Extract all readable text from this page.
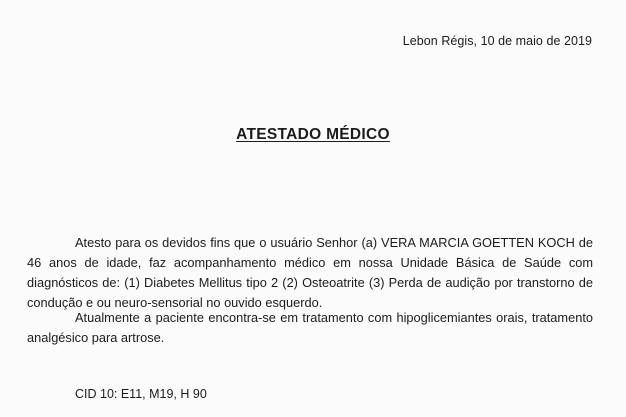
Lebon Régis, 10 de maio de 2019
ATESTADO MÉDICO

Atesto para os devidos fins que o usuário Senhor (a) VERA MARCIA GOETTEN KOCH de 46 anos de idade, faz acompanhamento médico em nossa Unidade Básica de Saúde com diagnósticos de: (1) Diabetes Mellitus tipo 2 (2) Osteoatrite (3) Perda de audição por transtorno de condução e ou neuro-sensorial no ouvido esquerdo.

Atualmente a paciente encontra-se em tratamento com hipoglicemiantes orais, tratamento analgésico para artrose.

CID 10: E11, M19, H 90
